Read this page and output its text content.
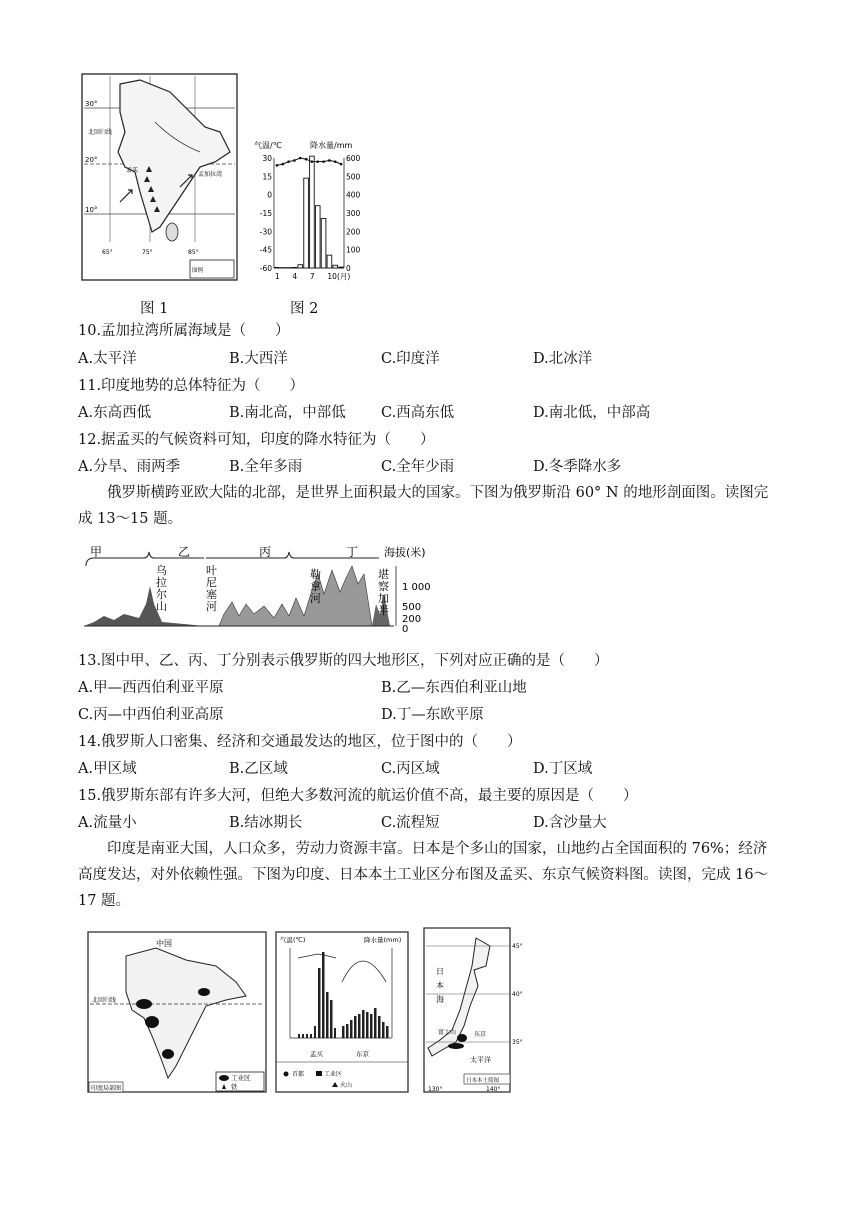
30°
20°
10°
北回归线
孟买
孟加拉湾
65°	75°	85°
图例
气温/℃	降水量/mm
30
15
0
-15
-30
-45
-60
600
500
400
300
200
100
0
1 4 7 10(月)
图 1	图 2
10.孟加拉湾所属海域是（　　）
A.太平洋	B.大西洋	C.印度洋	D.北冰洋
11.印度地势的总体特征为（　　）
A.东高西低	B.南北高，中部低 C.西高东低	D.南北低，中部高
12.据孟买的气候资料可知，印度的降水特征为（　　）
A.分旱、雨两季	B.全年多雨	C.全年少雨	D.冬季降水多
俄罗斯横跨亚欧大陆的北部，是世界上面积最大的国家。下图为俄罗斯沿 60° N 的地形剖面图。读图完成 13～15 题。
甲	乙	丙	丁 海拔(米)
乌拉尔山
叶尼塞河
勒拿河
堪察加半
1 000
500
200
0
13.图中甲、乙、丙、丁分别表示俄罗斯的四大地形区，下列对应正确的是（　　）
A.甲—西西伯利亚平原	B.乙—东西伯利亚山地
C.丙—中西伯利亚高原	D.丁—东欧平原
14.俄罗斯人口密集、经济和交通最发达的地区，位于图中的（　　）
A.甲区域	B.乙区域	C.丙区域	D.丁区域
15.俄罗斯东部有许多大河，但绝大多数河流的航运价值不高，最主要的原因是（　　）
A.流量小	B.结冰期长	C.流程短	D.含沙量大
印度是南亚大国，人口众多，劳动力资源丰富。日本是个多山的国家，山地约占全国面积的 76%；经济高度发达，对外依赖性强。下图为印度、日本本土工业区分布图及孟买、东京气候资料图。读图，完成 16～17 题。
中国
北回归线
工业区
铁
印度局部图
气温(℃)	降水量(mm)
孟买	东京
首都	工业区
火山
45°
40°
35°
日本海
富士山	东京
太平洋
日本本土简图
130°	140°
